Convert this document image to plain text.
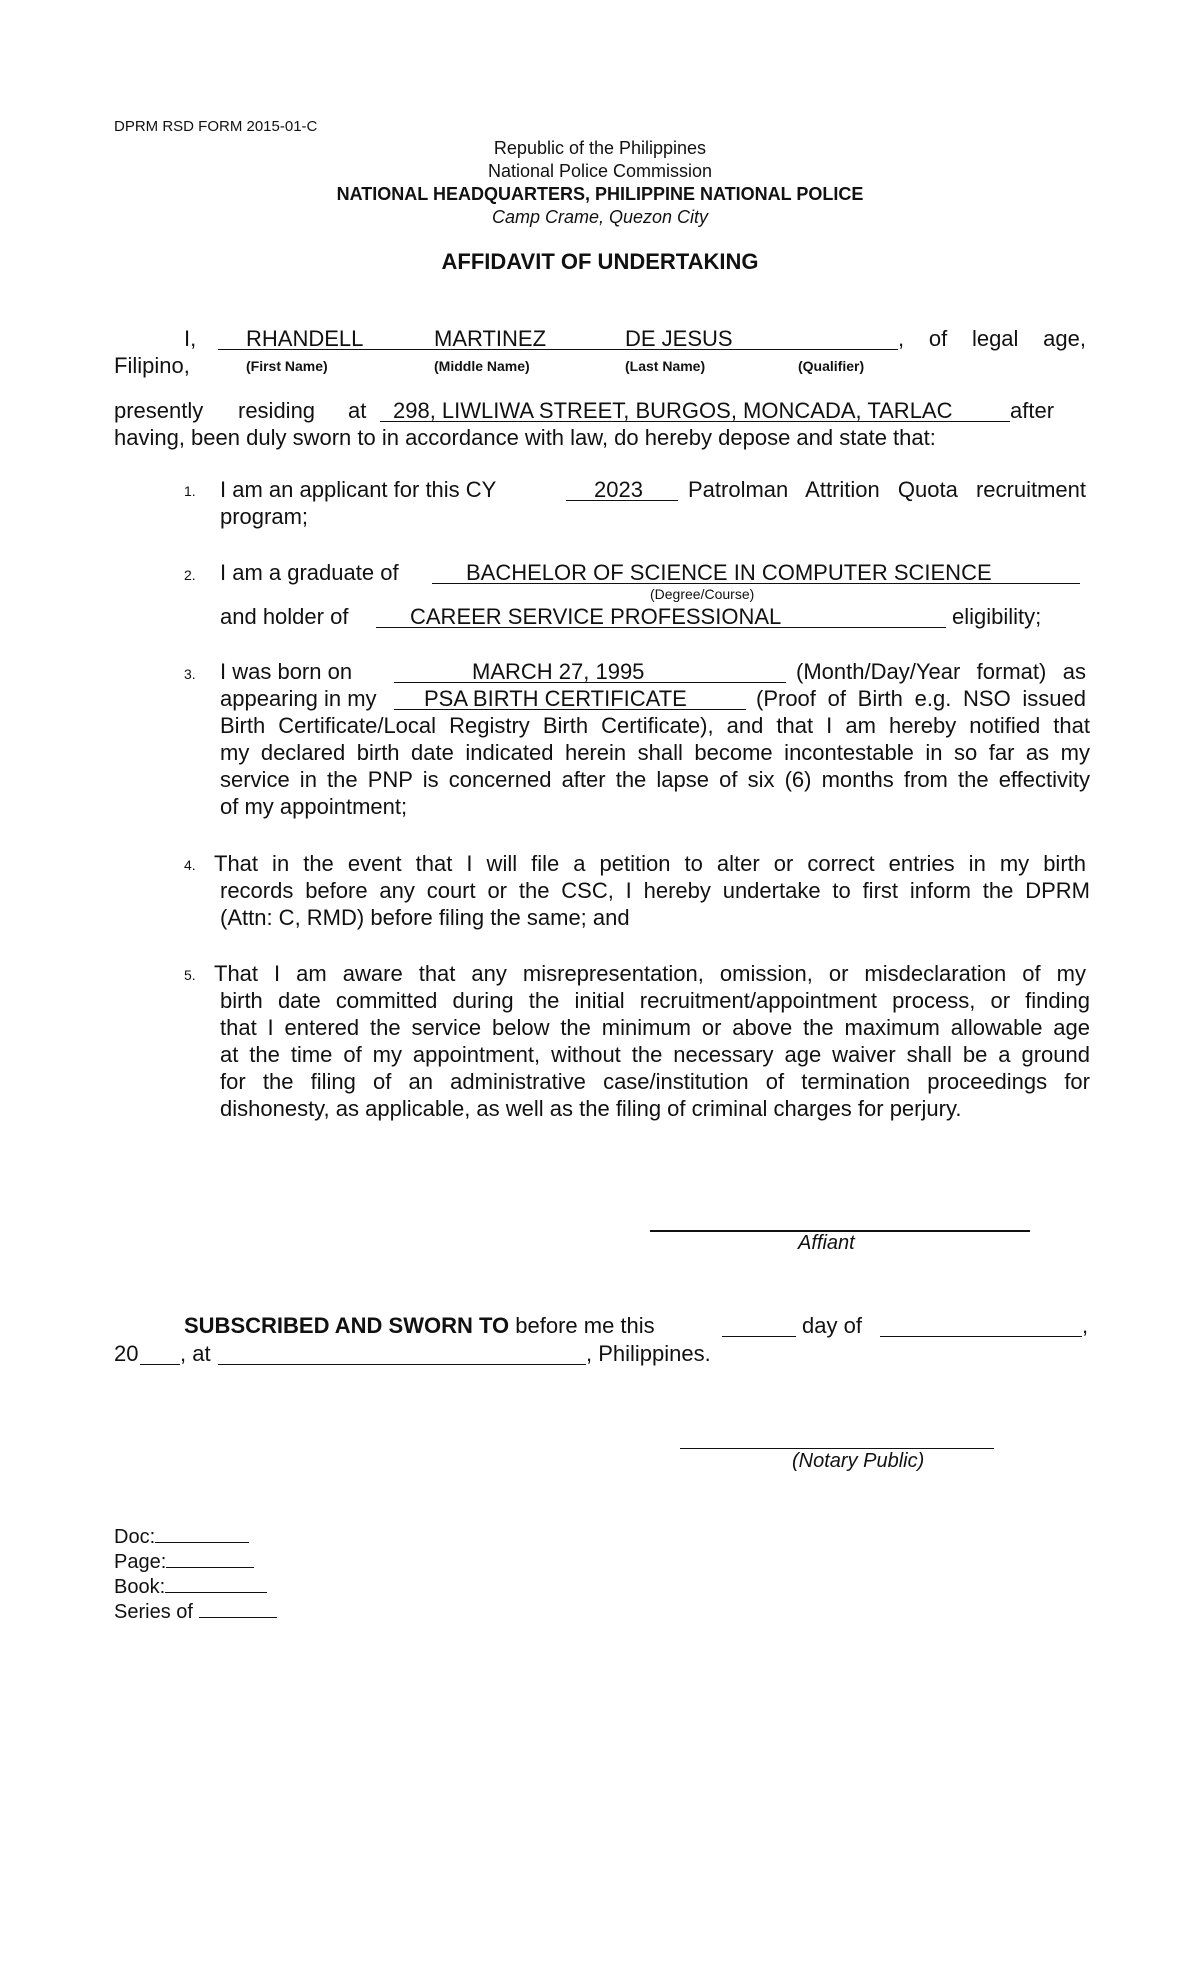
DPRM RSD FORM 2015-01-C
Republic of the Philippines
National Police Commission
NATIONAL HEADQUARTERS, PHILIPPINE NATIONAL POLICE
Camp Crame, Quezon City
AFFIDAVIT OF UNDERTAKING
I, RHANDELL	MARTINEZ	DE JESUS	, of legal age,
Filipino,	(First Name)	(Middle Name)	(Last Name)	(Qualifier)
presently residing at 298, LIWLIWA STREET, BURGOS, MONCADA, TARLAC	after
having, been duly sworn to in accordance with law, do hereby depose and state that:
1. I am an applicant for this CY	2023 Patrolman Attrition Quota recruitment
program;
2. I am a graduate of	BACHELOR OF SCIENCE IN COMPUTER SCIENCE
(Degree/Course)
and holder of	CAREER SERVICE PROFESSIONAL	eligibility;
3. I was born on	MARCH 27, 1995	(Month/Day/Year format) as
appearing in my PSA BIRTH CERTIFICATE	(Proof of Birth e.g. NSO issued
Birth Certificate/Local Registry Birth Certificate), and that I am hereby notified that
my declared birth date indicated herein shall become incontestable in so far as my
service in the PNP is concerned after the lapse of six (6) months from the effectivity
of my appointment;
4. That in the event that I will file a petition to alter or correct entries in my birth
records before any court or the CSC, I hereby undertake to first inform the DPRM
(Attn: C, RMD) before filing the same; and
5. That I am aware that any misrepresentation, omission, or misdeclaration of my
birth date committed during the initial recruitment/appointment process, or finding
that I entered the service below the minimum or above the maximum allowable age
at the time of my appointment, without the necessary age waiver shall be a ground
for the filing of an administrative case/institution of termination proceedings for
dishonesty, as applicable, as well as the filing of criminal charges for perjury.
Affiant
SUBSCRIBED AND SWORN TO before me this	day of	,
20 , at	, Philippines.
(Notary Public)
Doc:
Page:
Book:
Series of
